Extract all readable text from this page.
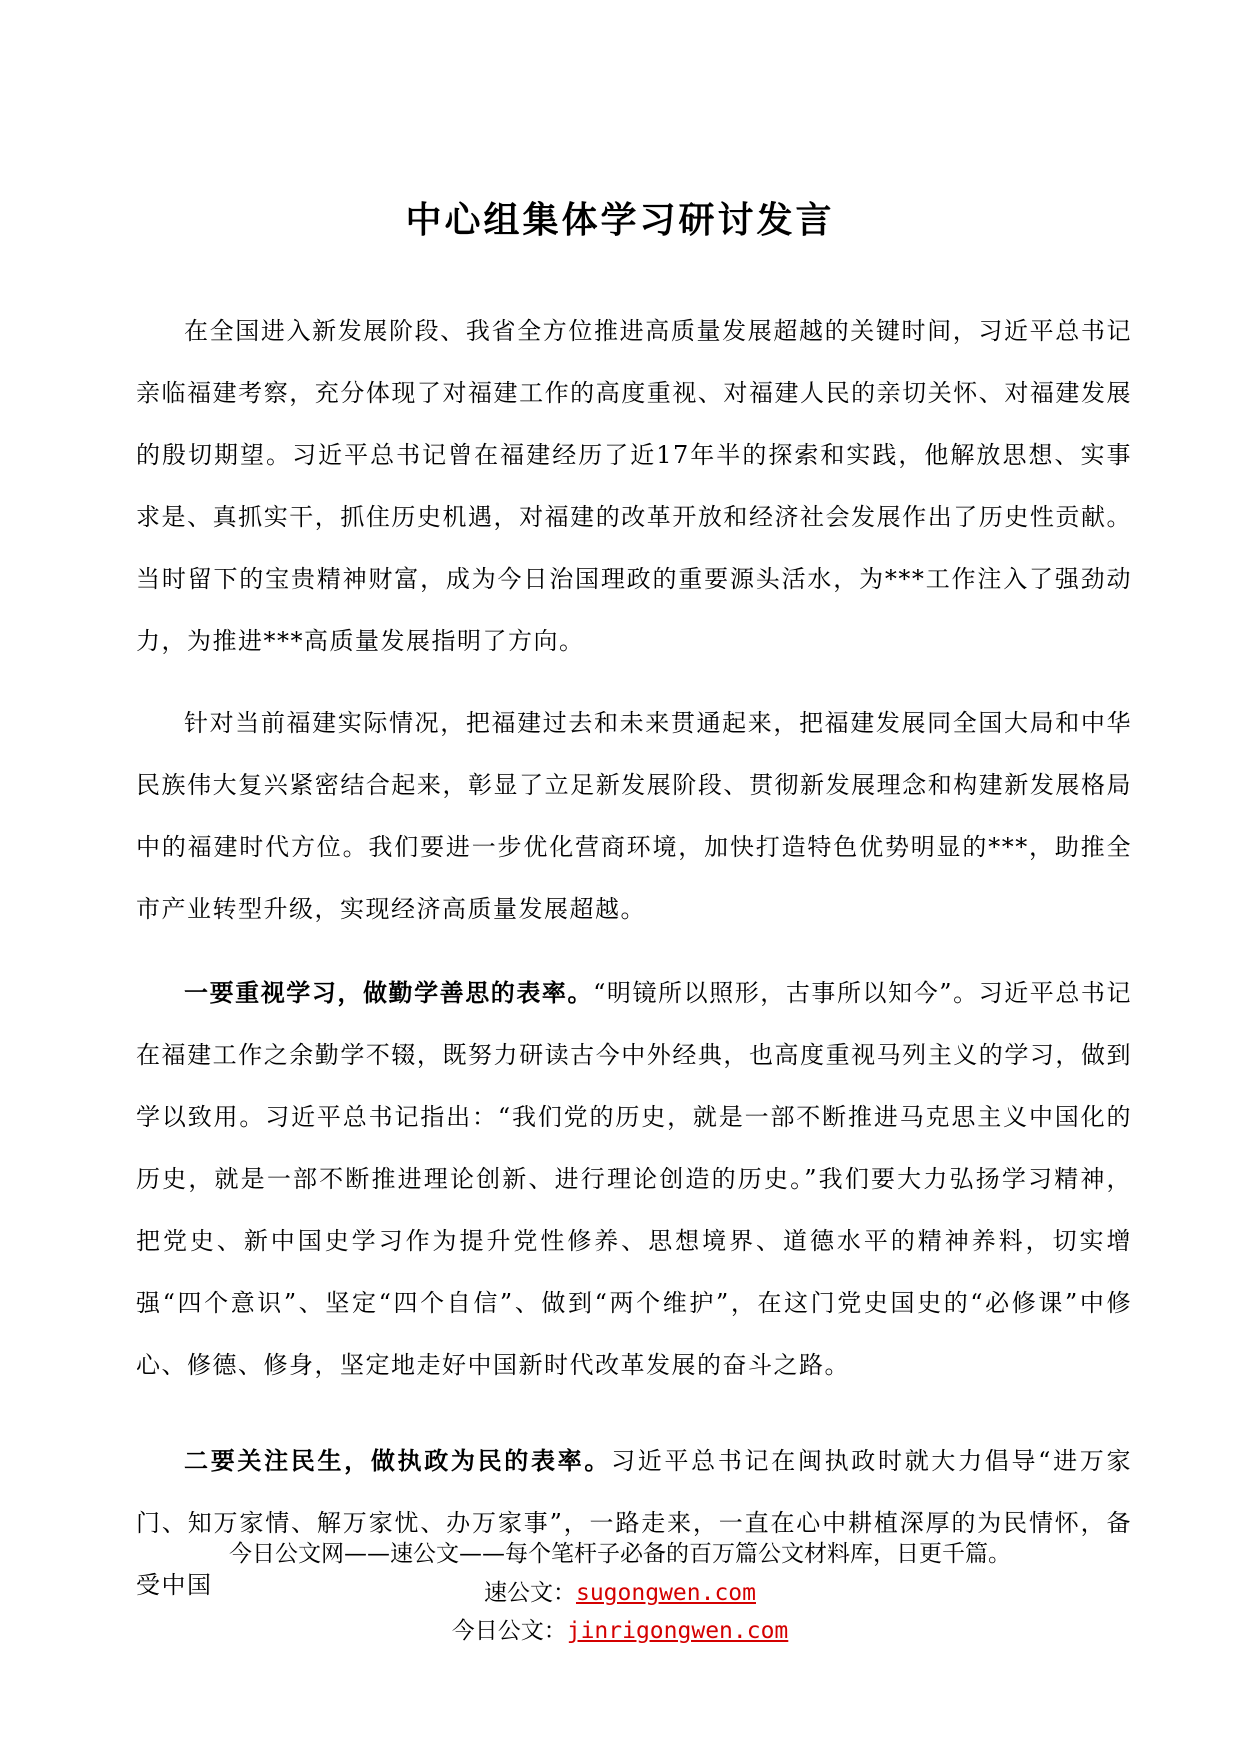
中心组集体学习研讨发言

在全国进入新发展阶段、我省全方位推进高质量发展超越的关键时间，习近平总书记亲临福建考察，充分体现了对福建工作的高度重视、对福建人民的亲切关怀、对福建发展的殷切期望。习近平总书记曾在福建经历了近17年半的探索和实践，他解放思想、实事求是、真抓实干，抓住历史机遇，对福建的改革开放和经济社会发展作出了历史性贡献。当时留下的宝贵精神财富，成为今日治国理政的重要源头活水，为***工作注入了强劲动力，为推进***高质量发展指明了方向。

针对当前福建实际情况，把福建过去和未来贯通起来，把福建发展同全国大局和中华民族伟大复兴紧密结合起来，彰显了立足新发展阶段、贯彻新发展理念和构建新发展格局中的福建时代方位。我们要进一步优化营商环境，加快打造特色优势明显的***，助推全市产业转型升级，实现经济高质量发展超越。

一要重视学习，做勤学善思的表率。“明镜所以照形，古事所以知今”。习近平总书记在福建工作之余勤学不辍，既努力研读古今中外经典，也高度重视马列主义的学习，做到学以致用。习近平总书记指出：“我们党的历史，就是一部不断推进马克思主义中国化的历史，就是一部不断推进理论创新、进行理论创造的历史。”我们要大力弘扬学习精神，把党史、新中国史学习作为提升党性修养、思想境界、道德水平的精神养料，切实增强“四个意识”、坚定“四个自信”、做到“两个维护”，在这门党史国史的“必修课”中修心、修德、修身，坚定地走好中国新时代改革发展的奋斗之路。

二要关注民生，做执政为民的表率。习近平总书记在闽执政时就大力倡导“进万家门、知万家情、解万家忧、办万家事”，一路走来，一直在心中耕植深厚的为民情怀，备受中国

今日公文网——速公文——每个笔杆子必备的百万篇公文材料库，日更千篇。
速公文：sugongwen.com
今日公文：jinrigongwen.com
